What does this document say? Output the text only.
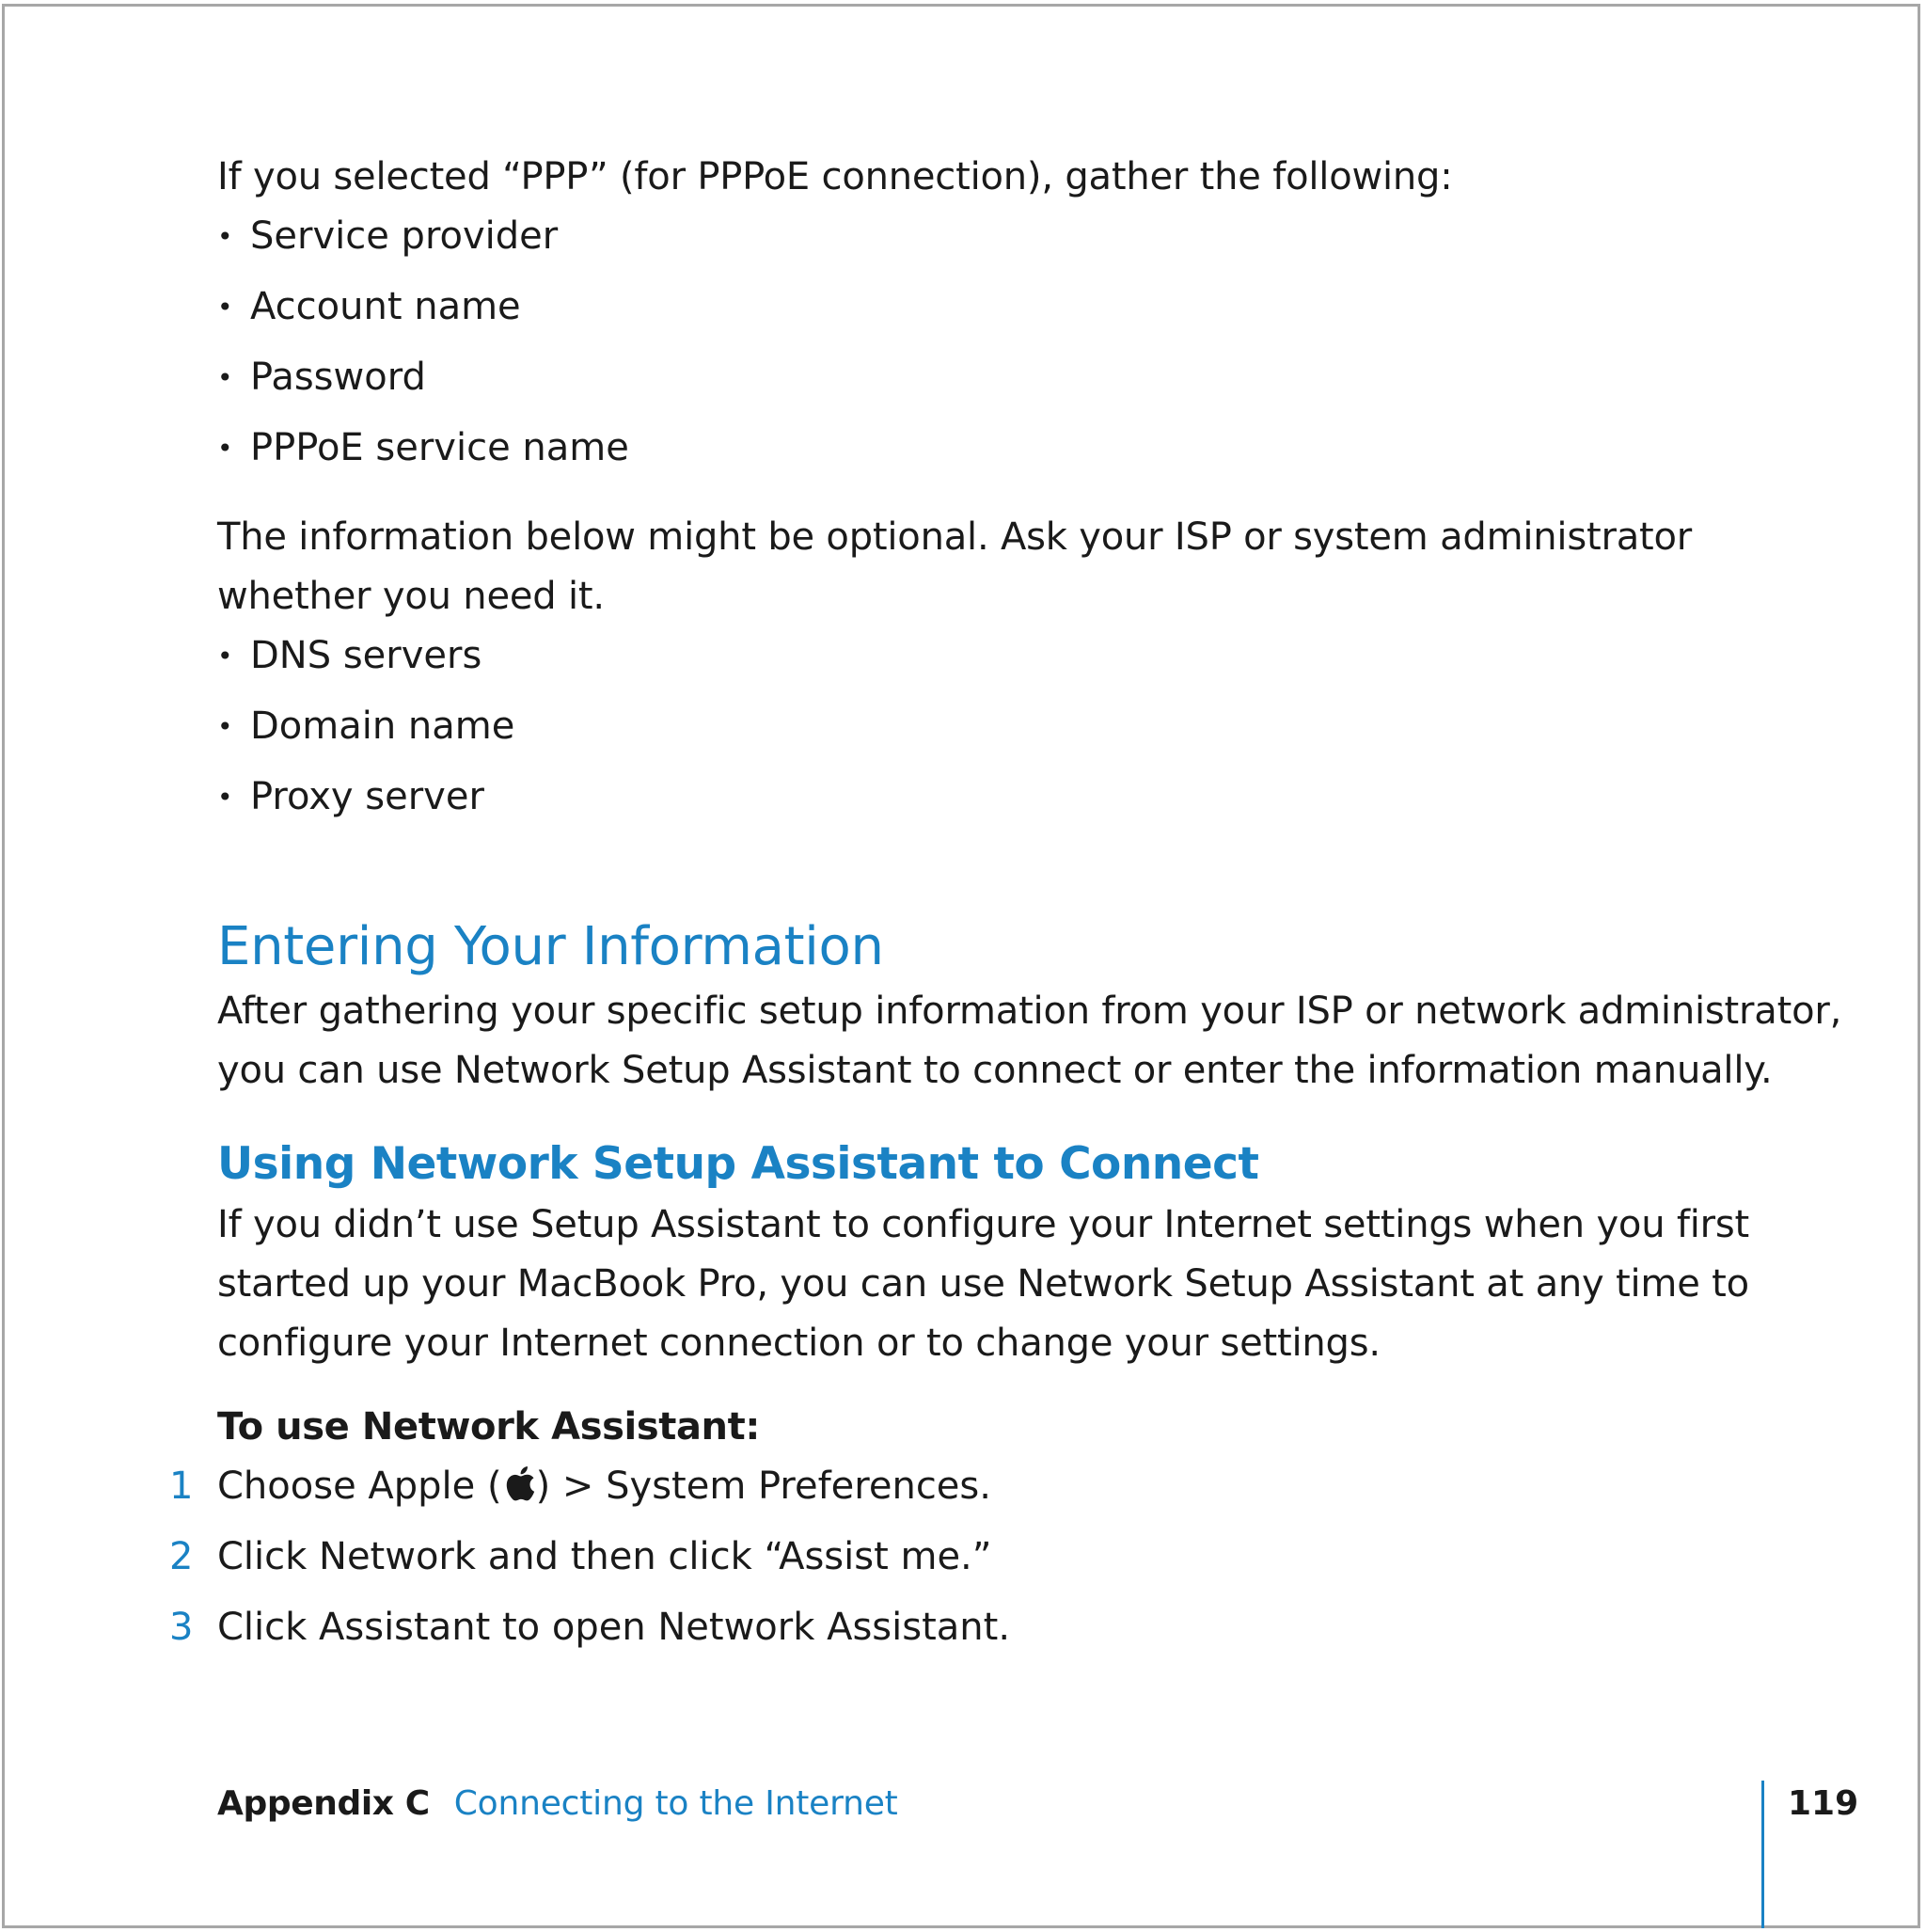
If you selected “PPP” (for PPPoE connection), gather the following:

• Service provider
• Account name
• Password
• PPPoE service name

The information below might be optional. Ask your ISP or system administrator

whether you need it.

• DNS servers
• Domain name
• Proxy server
Entering Your Information

After gathering your specific setup information from your ISP or network administrator,

you can use Network Setup Assistant to connect or enter the information manually.

Using Network Setup Assistant to Connect

If you didn’t use Setup Assistant to configure your Internet settings when you first

started up your MacBook Pro, you can use Network Setup Assistant at any time to

configure your Internet connection or to change your settings.

To use Network Assistant:

1 Choose Apple ( ) > System Preferences.
2 Click Network and then click “Assist me.”
3 Click Assistant to open Network Assistant.
Appendix C Connecting to the Internet	119
